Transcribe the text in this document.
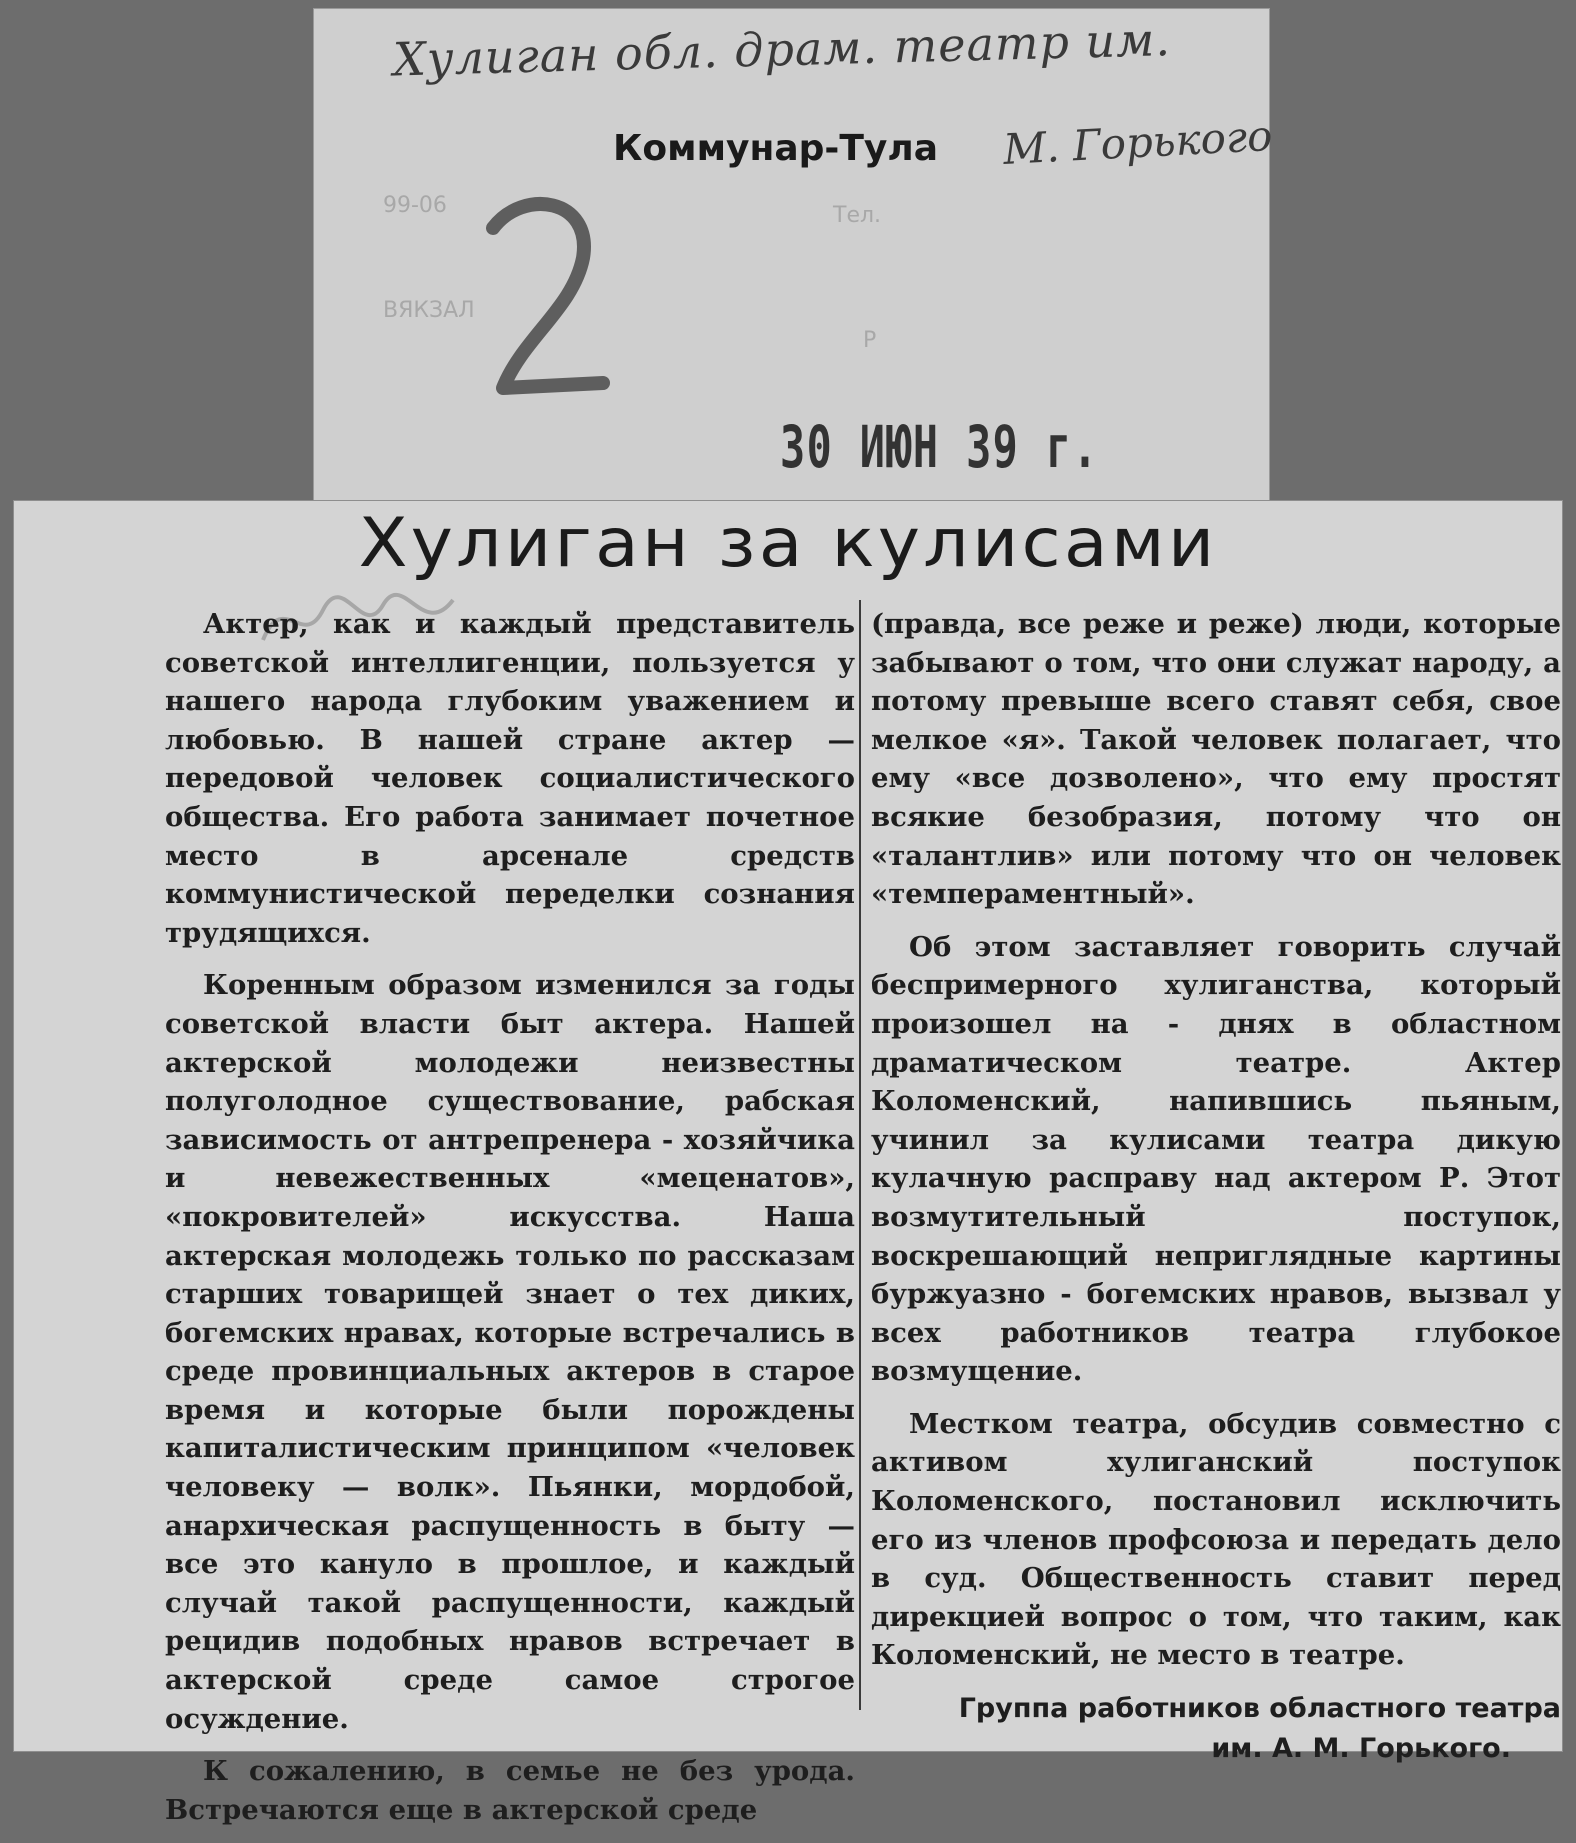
Хулиган обл. драм. театр им.
М. Горького
Коммунар-Тула
99-06
ВЯКЗАЛ
Тел.
Р
30 ИЮН 39 г.
Хулиган за кулисами

Актер, как и каждый представитель советской интеллигенции, пользуется у нашего народа глубоким уважением и любовью. В нашей стране актер — передовой человек социалистического общества. Его работа занимает почетное место в арсенале средств коммунистической переделки сознания трудящихся.

Коренным образом изменился за годы советской власти быт актера. Нашей актерской молодежи неизвестны полуголодное существование, рабская зависимость от антрепренера - хозяйчика и невежественных «меценатов», «покровителей» искусства. Наша актерская молодежь только по рассказам старших товарищей знает о тех диких, богемских нравах, которые встречались в среде провинциальных актеров в старое время и которые были порождены капиталистическим принципом «человек человеку — волк». Пьянки, мордобой, анархическая распущенность в быту — все это кануло в прошлое, и каждый случай такой распущенности, каждый рецидив подобных нравов встречает в актерской среде самое строгое осуждение.

К сожалению, в семье не без урода. Встречаются еще в актерской среде

(правда, все реже и реже) люди, которые забывают о том, что они служат народу, а потому превыше всего ставят себя, свое мелкое «я». Такой человек полагает, что ему «все дозволено», что ему простят всякие безобразия, потому что он «талантлив» или потому что он человек «темпераментный».

Об этом заставляет говорить случай беспримерного хулиганства, который произошел на - днях в областном драматическом театре. Актер Коломенский, напившись пьяным, учинил за кулисами театра дикую кулачную расправу над актером Р. Этот возмутительный поступок, воскрешающий неприглядные картины буржуазно - богемских нравов, вызвал у всех работников театра глубокое возмущение.

Местком театра, обсудив совместно с активом хулиганский поступок Коломенского, постановил исключить его из членов профсоюза и передать дело в суд. Общественность ставит перед дирекцией вопрос о том, что таким, как Коломенский, не место в театре.

Группа работников областного театра
им. А. М. Горького.
